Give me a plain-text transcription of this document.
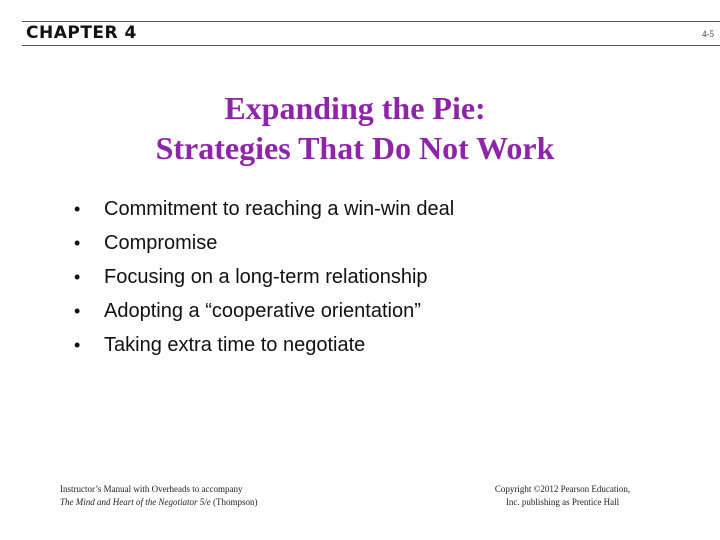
CHAPTER 4	4-5
Expanding the Pie:
Strategies That Do Not Work
• Commitment to reaching a win-win deal
• Compromise
• Focusing on a long-term relationship
• Adopting a “cooperative orientation”
• Taking extra time to negotiate
Instructor’s Manual with Overheads to accompany
The Mind and Heart of the Negotiator 5/e (Thompson)
Copyright ©2012 Pearson Education,
Inc. publishing as Prentice Hall
